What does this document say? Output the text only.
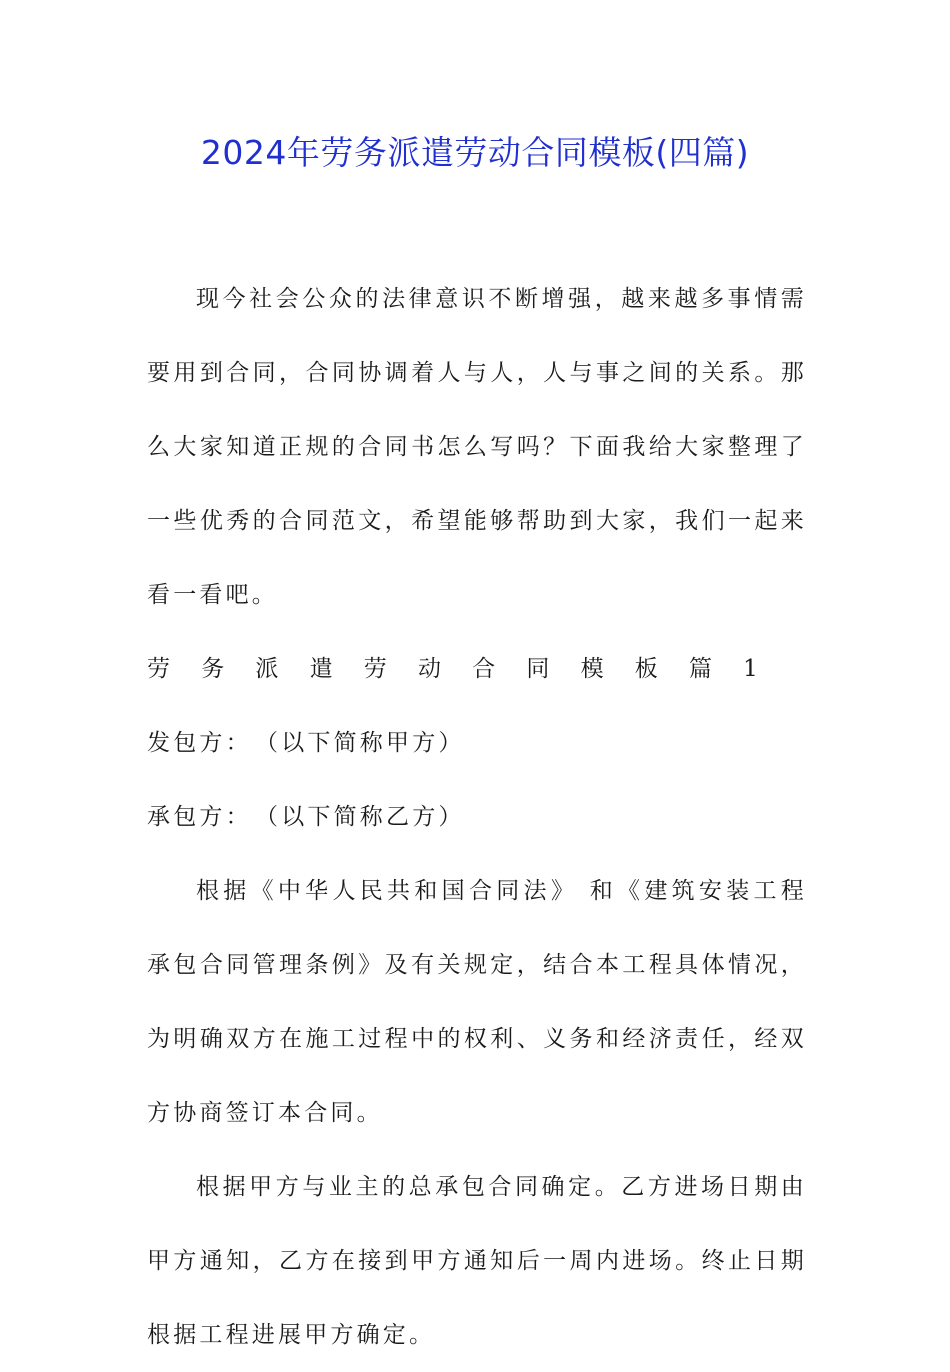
2024年劳务派遣劳动合同模板(四篇)

现今社会公众的法律意识不断增强，越来越多事情需要用到合同，合同协调着人与人，人与事之间的关系。那么大家知道正规的合同书怎么写吗？下面我给大家整理了一些优秀的合同范文，希望能够帮助到大家，我们一起来看一看吧。

劳务派遣劳动合同模板篇1发包方：　（以下简称甲方）

承包方：　（以下简称乙方）

根据《中华人民共和国合同法》 和《建筑安装工程承包合同管理条例》及有关规定，结合本工程具体情况，为明确双方在施工过程中的权利、义务和经济责任，经双方协商签订本合同。

根据甲方与业主的总承包合同确定。乙方进场日期由甲方通知，乙方在接到甲方通知后一周内进场。终止日期根据工程进展甲方确定。
